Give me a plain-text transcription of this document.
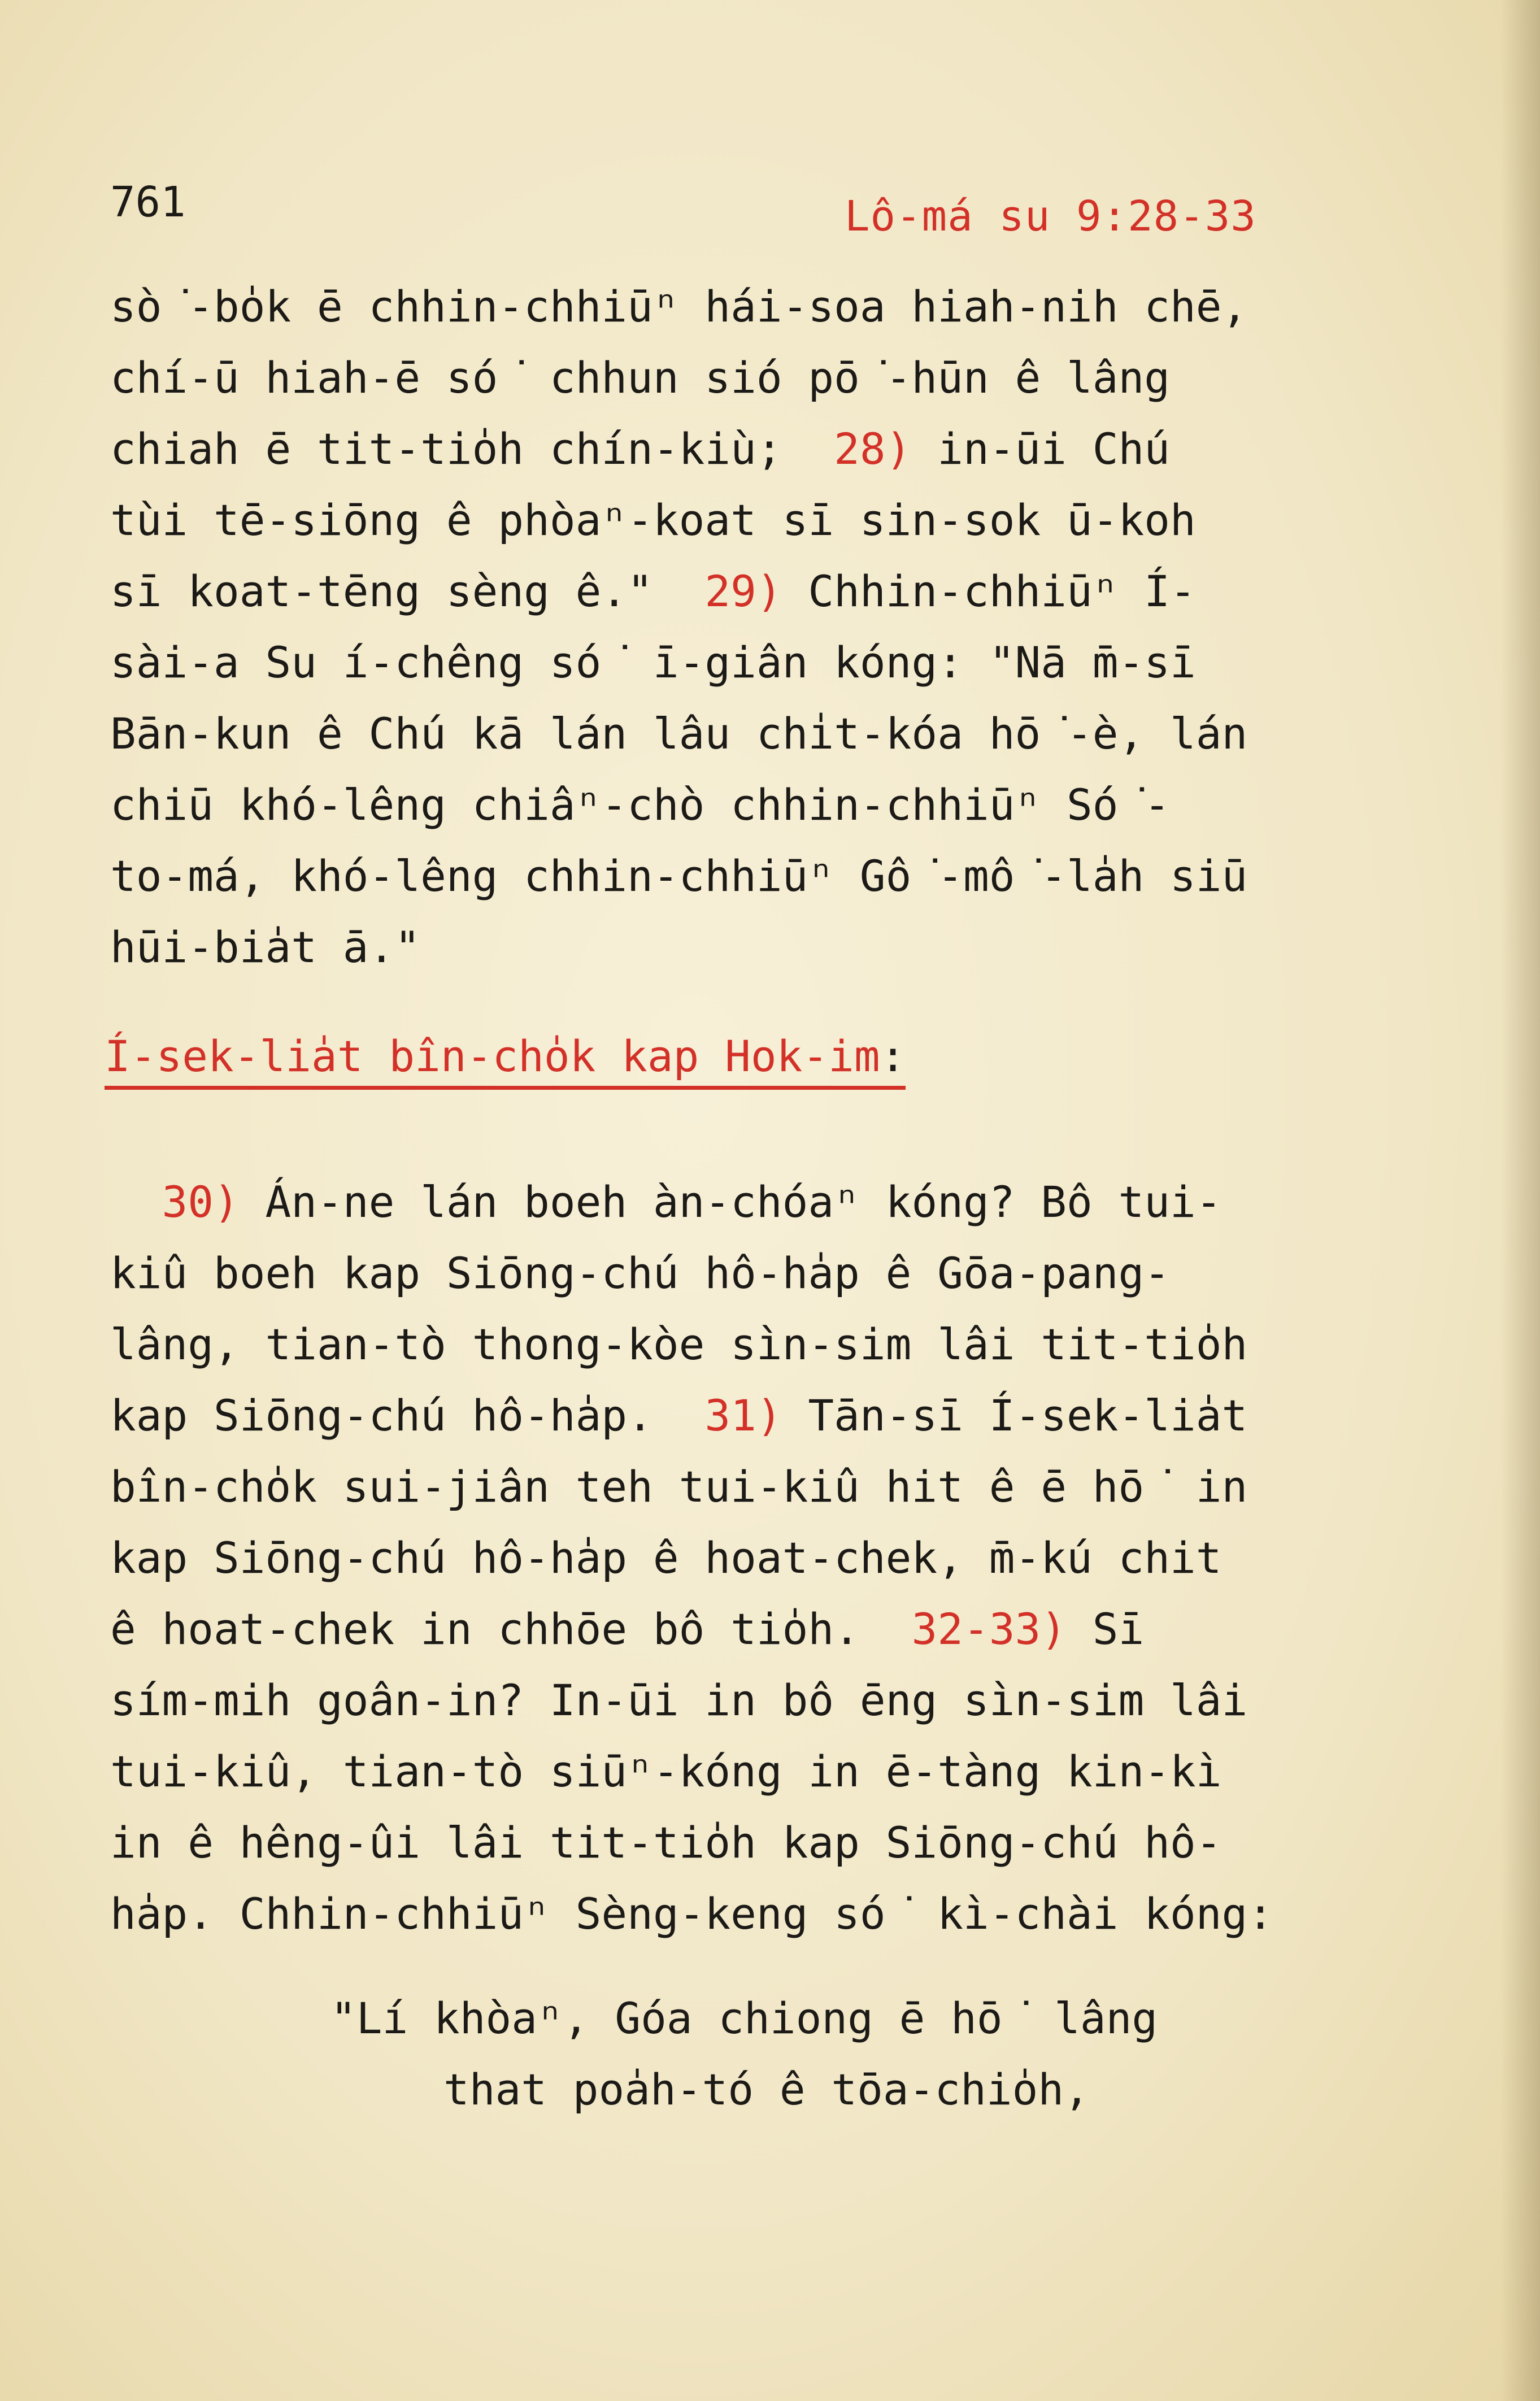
761	Lô-má su 9:28-33
sò͘-bo̍k ē chhin-chhiūⁿ hái-soa hiah-nih chē,
chí-ū hiah-ē só͘ chhun sió pō͘-hūn ê lâng
chiah ē tit-tio̍h chín-kiù;  28) in-ūi Chú
tùi tē-siōng ê phòaⁿ-koat sī sin-sok ū-koh
sī koat-tēng sèng ê."  29) Chhin-chhiūⁿ Í-
sài-a Su í-chêng só͘ ī-giân kóng: "Nā m̄-sī
Bān-kun ê Chú kā lán lâu chi̍t-kóa hō͘-è, lán
chiū khó-lêng chiâⁿ-chò chhin-chhiūⁿ Só͘-
to-má, khó-lêng chhin-chhiūⁿ Gô͘-mô͘-la̍h siū
hūi-bia̍t ā."
Í-sek-lia̍t bîn-cho̍k kap Hok-im:
30) Án-ne lán boeh àn-chóaⁿ kóng? Bô tui-
kiû boeh kap Siōng-chú hô-ha̍p ê Gōa-pang-
lâng, tian-tò thong-kòe sìn-sim lâi tit-tio̍h
kap Siōng-chú hô-ha̍p.  31) Tān-sī Í-sek-lia̍t
bîn-cho̍k sui-jiân teh tui-kiû hit ê ē hō͘ in
kap Siōng-chú hô-ha̍p ê hoat-chek, m̄-kú chit
ê hoat-chek in chhōe bô tio̍h.  32-33) Sī
sím-mih goân-in? In-ūi in bô ēng sìn-sim lâi
tui-kiû, tian-tò siūⁿ-kóng in ē-tàng kin-kì
in ê hêng-ûi lâi tit-tio̍h kap Siōng-chú hô-
ha̍p. Chhin-chhiūⁿ Sèng-keng só͘ kì-chài kóng:
"Lí khòaⁿ, Góa chiong ē hō͘ lâng
that poa̍h-tó ê tōa-chio̍h,
